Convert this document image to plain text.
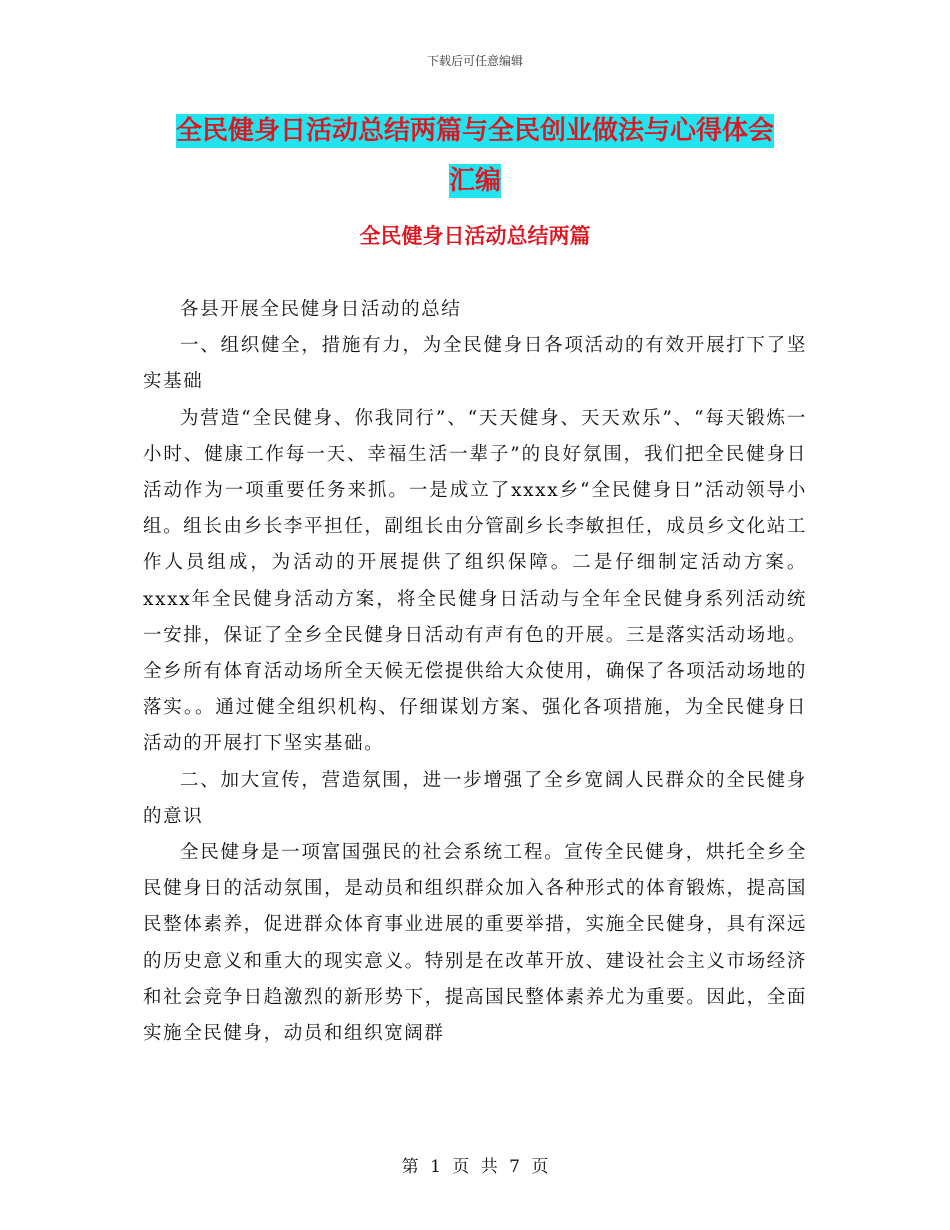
下载后可任意编辑
全民健身日活动总结两篇与全民创业做法与心得体会
汇编
全民健身日活动总结两篇

各县开展全民健身日活动的总结

一、组织健全，措施有力，为全民健身日各项活动的有效开展打下了坚实基础

为营造“全民健身、你我同行”、“天天健身、天天欢乐”、“每天锻炼一小时、健康工作每一天、幸福生活一辈子”的良好氛围，我们把全民健身日活动作为一项重要任务来抓。一是成立了xxxx乡“全民健身日”活动领导小组。组长由乡长李平担任，副组长由分管副乡长李敏担任，成员乡文化站工作人员组成，为活动的开展提供了组织保障。二是仔细制定活动方案。xxxx年全民健身活动方案，将全民健身日活动与全年全民健身系列活动统一安排，保证了全乡全民健身日活动有声有色的开展。三是落实活动场地。全乡所有体育活动场所全天候无偿提供给大众使用，确保了各项活动场地的落实。。通过健全组织机构、仔细谋划方案、强化各项措施，为全民健身日活动的开展打下坚实基础。

二、加大宣传，营造氛围，进一步增强了全乡宽阔人民群众的全民健身的意识

全民健身是一项富国强民的社会系统工程。宣传全民健身，烘托全乡全民健身日的活动氛围，是动员和组织群众加入各种形式的体育锻炼，提高国民整体素养，促进群众体育事业进展的重要举措，实施全民健身，具有深远的历史意义和重大的现实意义。特别是在改革开放、建设社会主义市场经济和社会竞争日趋激烈的新形势下，提高国民整体素养尤为重要。因此，全面实施全民健身，动员和组织宽阔群

第 1 页 共 7 页
